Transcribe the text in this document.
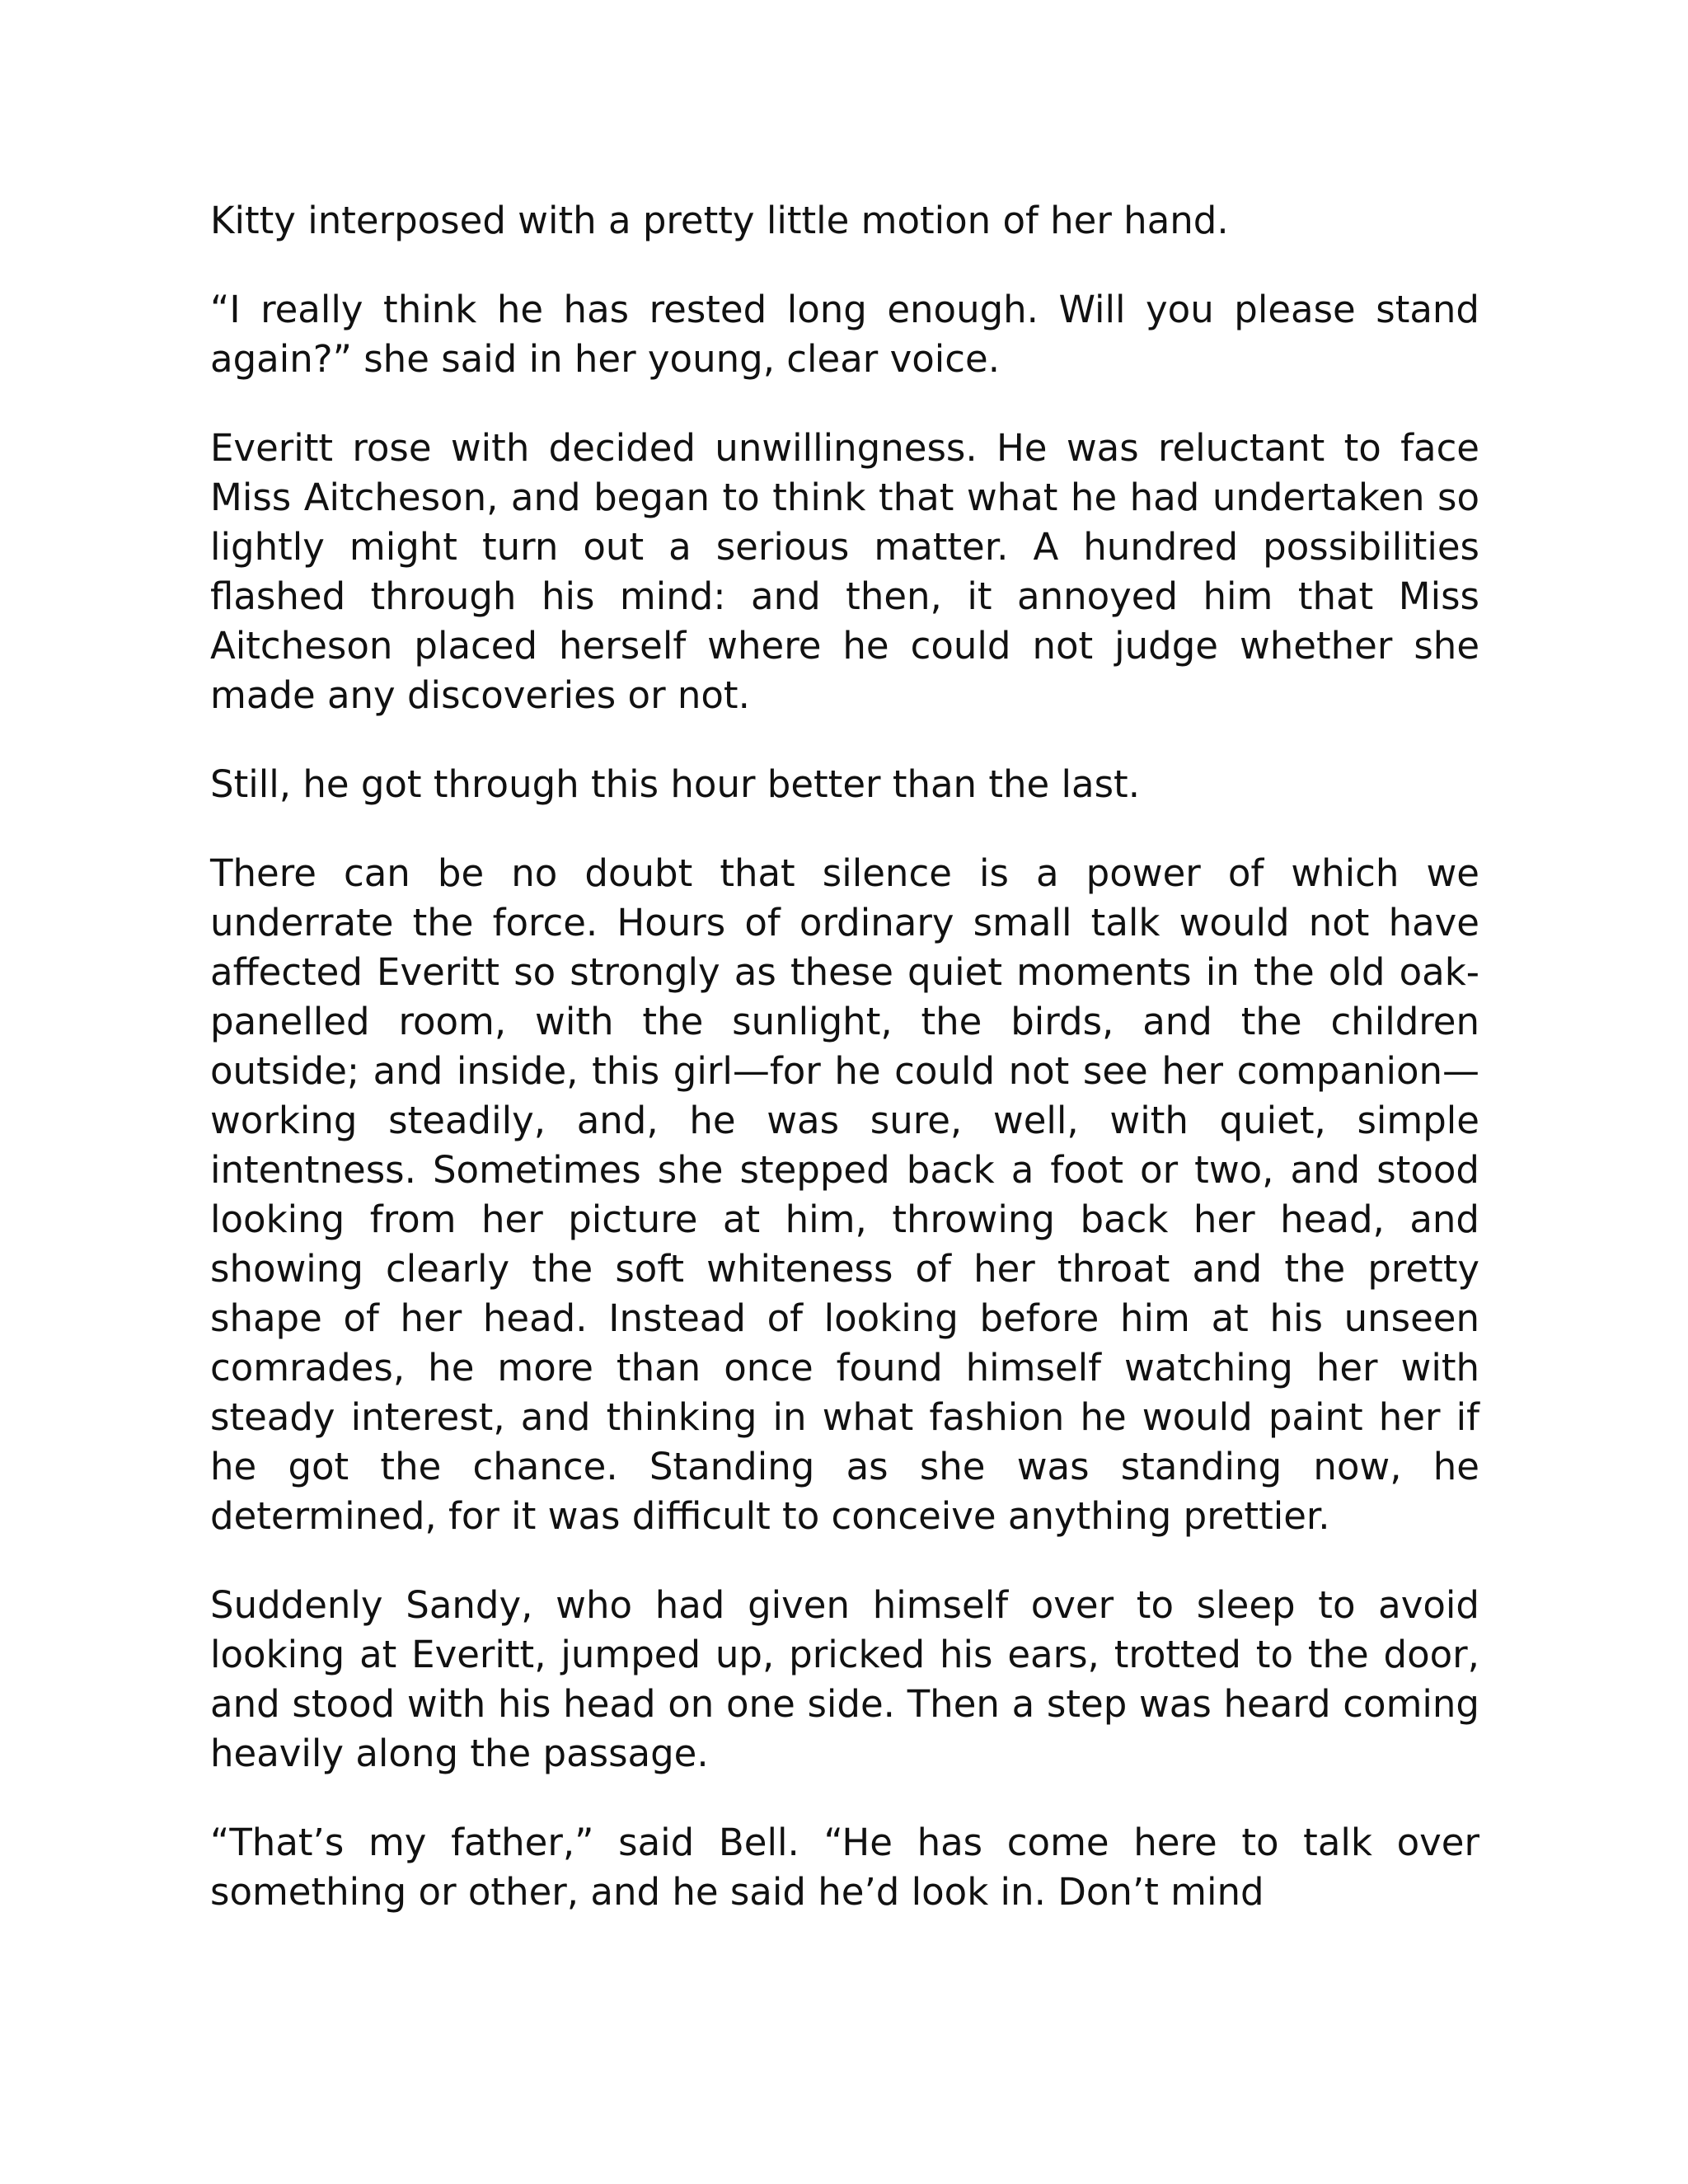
Kitty interposed with a pretty little motion of her hand.

“I really think he has rested long enough. Will you please stand again?” she said in her young, clear voice.

Everitt rose with decided unwillingness. He was reluctant to face Miss Aitcheson, and began to think that what he had undertaken so lightly might turn out a serious matter. A hundred possibilities flashed through his mind: and then, it annoyed him that Miss Aitcheson placed herself where he could not judge whether she made any discoveries or not.

Still, he got through this hour better than the last.

There can be no doubt that silence is a power of which we underrate the force. Hours of ordinary small talk would not have affected Everitt so strongly as these quiet moments in the old oak-panelled room, with the sunlight, the birds, and the children outside; and inside, this girl—for he could not see her companion—working steadily, and, he was sure, well, with quiet, simple intentness. Sometimes she stepped back a foot or two, and stood looking from her picture at him, throwing back her head, and showing clearly the soft whiteness of her throat and the pretty shape of her head. Instead of looking before him at his unseen comrades, he more than once found himself watching her with steady interest, and thinking in what fashion he would paint her if he got the chance. Standing as she was standing now, he determined, for it was difficult to conceive anything prettier.

Suddenly Sandy, who had given himself over to sleep to avoid looking at Everitt, jumped up, pricked his ears, trotted to the door, and stood with his head on one side. Then a step was heard coming heavily along the passage.

“That’s my father,” said Bell. “He has come here to talk over something or other, and he said he’d look in. Don’t mind
